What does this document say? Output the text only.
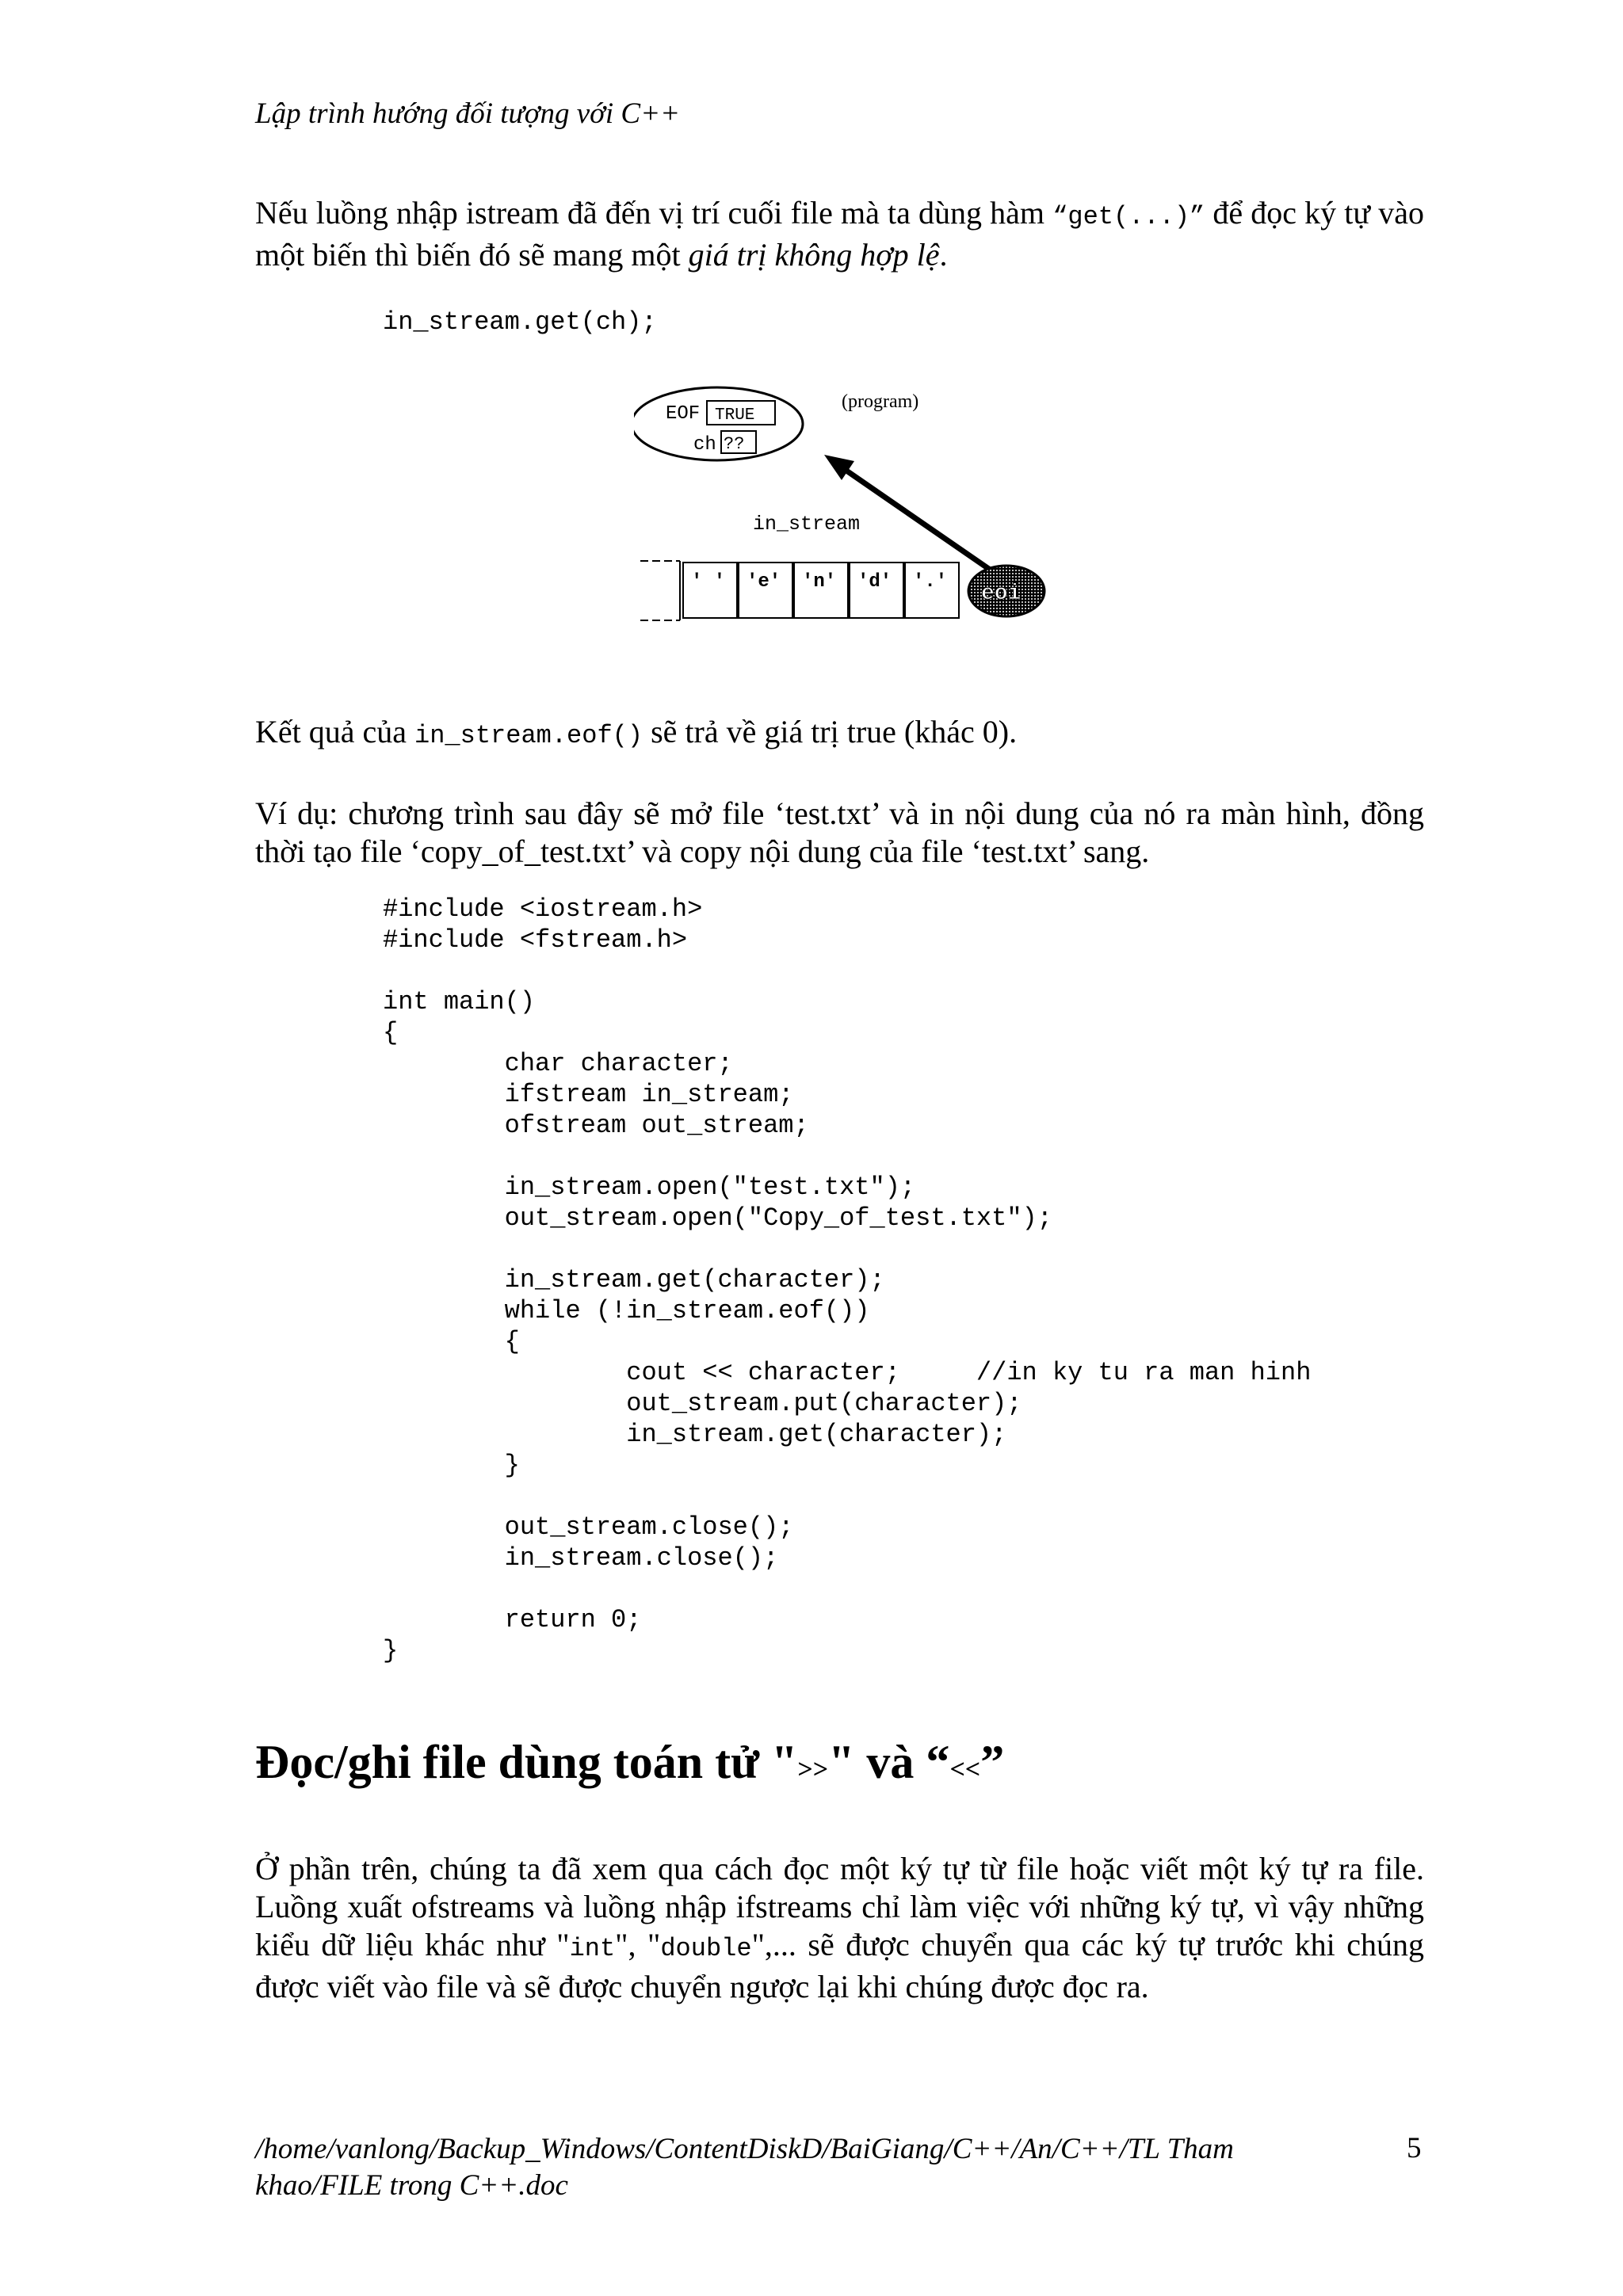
Lập trình hướng đối tượng với C++
Nếu luồng nhập istream đã đến vị trí cuối file mà ta dùng hàm “get(...)” để đọc ký tự vào một biến thì biến đó sẽ mang một giá trị không hợp lệ.
in_stream.get(ch);
EOF TRUE
ch ??
(program)
in_stream
' ' 'e' 'n' 'd' '.' eoi
Kết quả của in_stream.eof() sẽ trả về giá trị true (khác 0).
Ví dụ: chương trình sau đây sẽ mở file ‘test.txt’ và in nội dung của nó ra màn hình, đồng thời tạo file ‘copy_of_test.txt’ và copy nội dung của file ‘test.txt’ sang.
#include <iostream.h>
#include <fstream.h>
int main()
{
char character;
ifstream in_stream;
ofstream out_stream;
in_stream.open("test.txt");
out_stream.open("Copy_of_test.txt");
in_stream.get(character);
while (!in_stream.eof())
{
cout << character;     //in ky tu ra man hinh
out_stream.put(character);
in_stream.get(character);
}
out_stream.close();
in_stream.close();
return 0;
}
Đọc/ghi file dùng toán tử ">>" và “<<”
Ở phần trên, chúng ta đã xem qua cách đọc một ký tự từ file hoặc viết một ký tự ra file. Luồng xuất ofstreams và luồng nhập ifstreams chỉ làm việc với những ký tự, vì vậy những kiểu dữ liệu khác như "int", "double",... sẽ được chuyển qua các ký tự trước khi chúng được viết vào file và sẽ được chuyển ngược lại khi chúng được đọc ra.
/home/vanlong/Backup_Windows/ContentDiskD/BaiGiang/C++/An/C++/TL Tham
khao/FILE trong C++.doc
5
